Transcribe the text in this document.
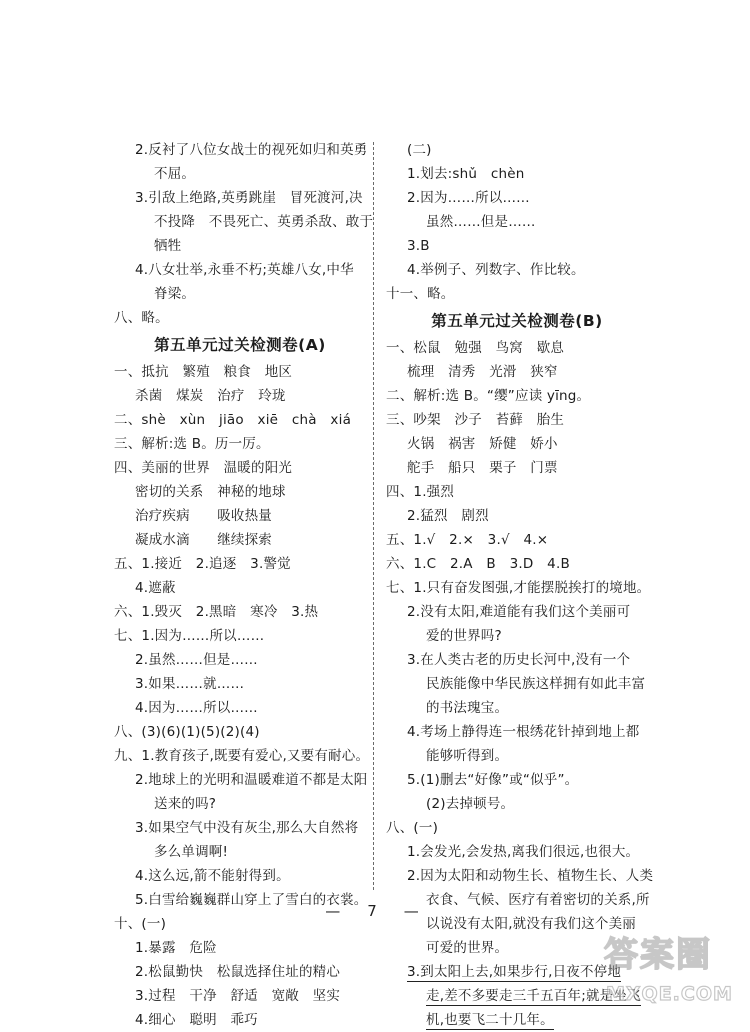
2.反衬了八位女战士的视死如归和英勇
不屈。
3.引敌上绝路,英勇跳崖　冒死渡河,决
不投降　不畏死亡、英勇杀敌、敢于
牺牲
4.八女壮举,永垂不朽;英雄八女,中华
脊梁。
八、略。
第五单元过关检测卷(A)
一、抵抗　繁殖　粮食　地区
杀菌　煤炭　治疗　玲珑
二、shè　xùn　jiāo　xiē　chà　xiá
三、解析:选 B。历一厉。
四、美丽的世界　温暖的阳光
密切的关系　神秘的地球
治疗疾病　　吸收热量
凝成水滴　　继续探索
五、1.接近　2.追逐　3.警觉
4.遮蔽
六、1.毁灭　2.黑暗　寒冷　3.热
七、1.因为……所以……
2.虽然……但是……
3.如果……就……
4.因为……所以……
八、(3)(6)(1)(5)(2)(4)
九、1.教育孩子,既要有爱心,又要有耐心。
2.地球上的光明和温暖难道不都是太阳
送来的吗?
3.如果空气中没有灰尘,那么大自然将
多么单调啊!
4.这么远,箭不能射得到。
5.白雪给巍巍群山穿上了雪白的衣裳。
十、(一)
1.暴露　危险
2.松鼠勤快　松鼠选择住址的精心
3.过程　干净　舒适　宽敞　坚实
4.细心　聪明　乖巧
(二)
1.划去:shǔ　chèn
2.因为……所以……
虽然……但是……
3.B
4.举例子、列数字、作比较。
十一、略。
第五单元过关检测卷(B)
一、松鼠　勉强　鸟窝　歇息
梳理　清秀　光滑　狭窄
二、解析:选 B。“缨”应读 yīng。
三、吵架　沙子　苔藓　胎生
火锅　祸害　矫健　娇小
舵手　船只　栗子　门票
四、1.强烈
2.猛烈　剧烈
五、1.√　2.×　3.√　4.×
六、1.C　2.A　B　3.D　4.B
七、1.只有奋发图强,才能摆脱挨打的境地。
2.没有太阳,难道能有我们这个美丽可
爱的世界吗?
3.在人类古老的历史长河中,没有一个
民族能像中华民族这样拥有如此丰富
的书法瑰宝。
4.考场上静得连一根绣花针掉到地上都
能够听得到。
5.(1)删去“好像”或“似乎”。
(2)去掉顿号。
八、(一)
1.会发光,会发热,离我们很远,也很大。
2.因为太阳和动物生长、植物生长、人类
衣食、气候、医疗有着密切的关系,所
以说没有太阳,就没有我们这个美丽
可爱的世界。
3.到太阳上去,如果步行,日夜不停地
走,差不多要走三千五百年;就是坐飞
机,也要飞二十几年。
—　7　—
答案圈
MXQE.COM
